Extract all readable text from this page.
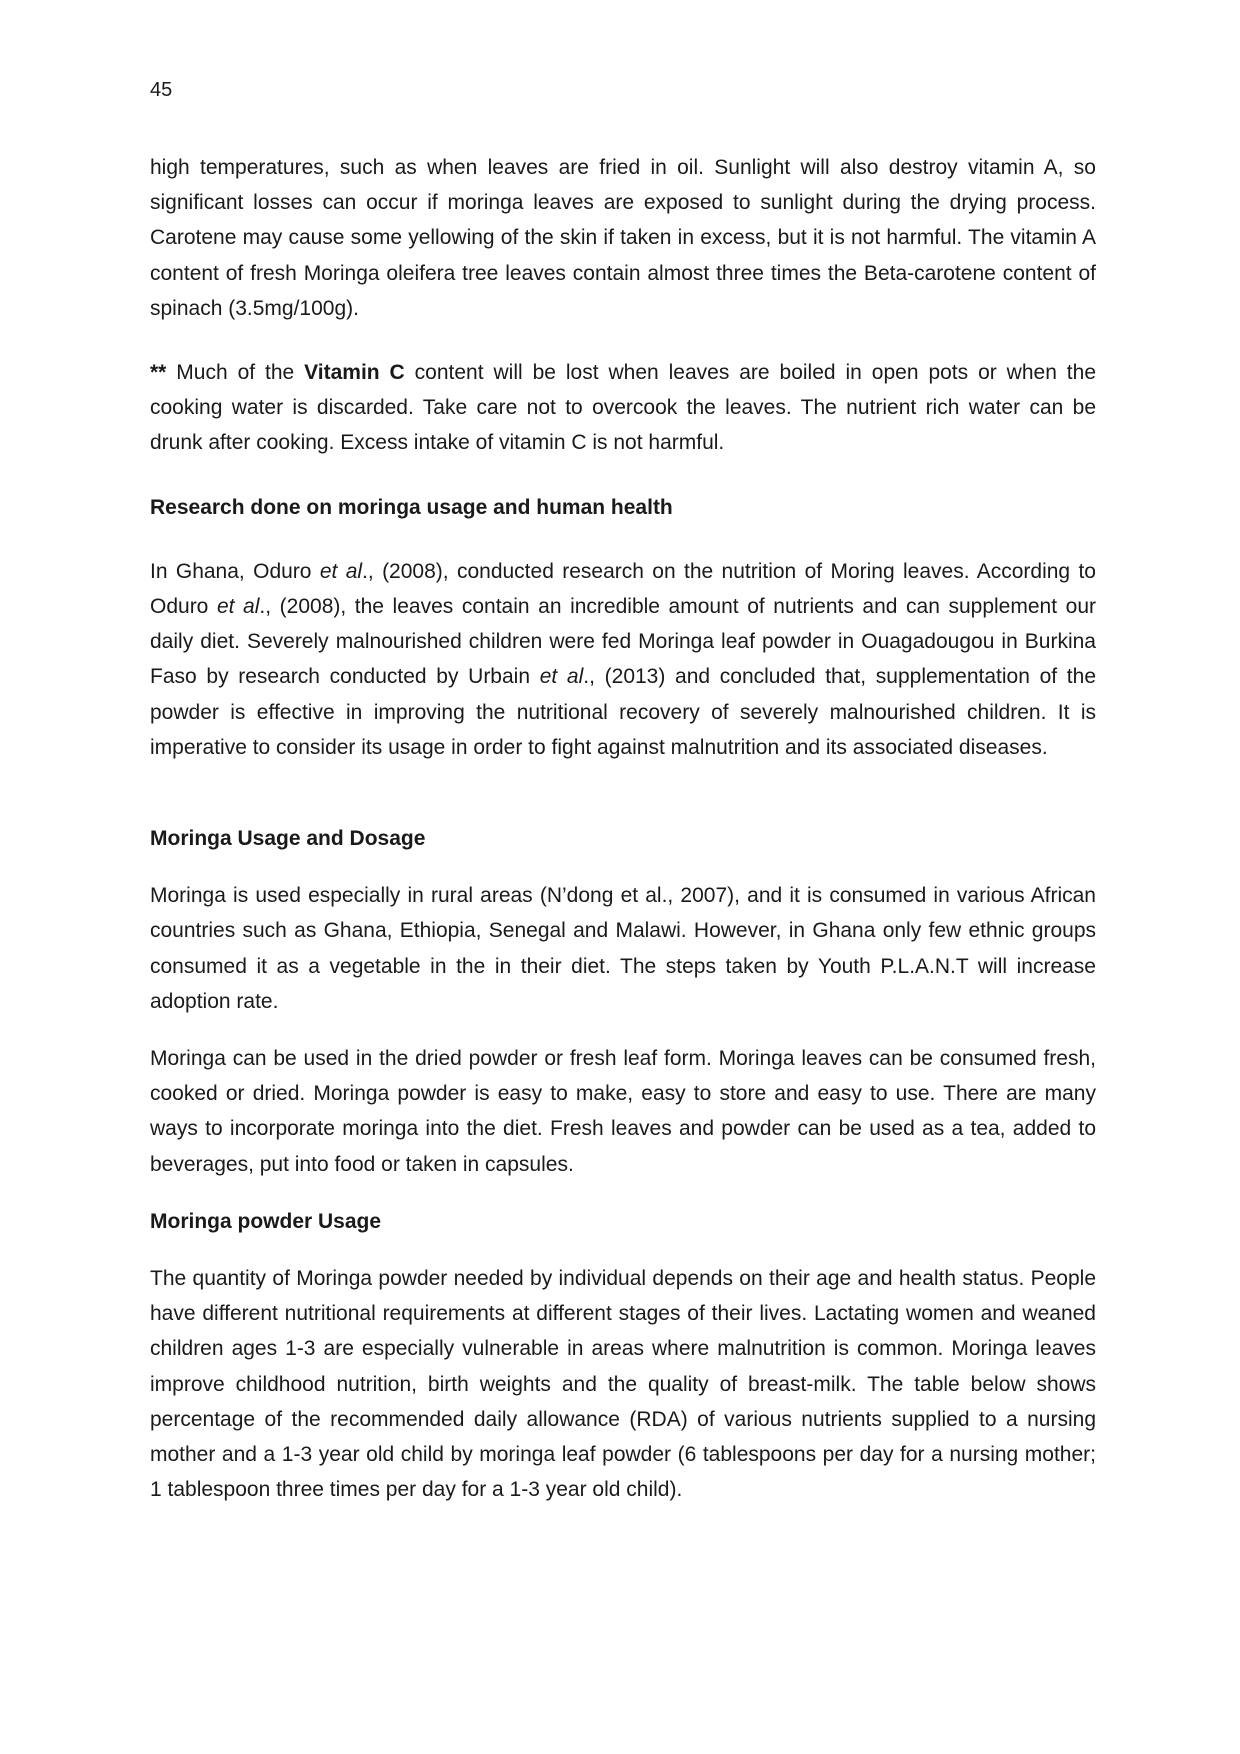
45

high temperatures, such as when leaves are fried in oil. Sunlight will also destroy vitamin A, so significant losses can occur if moringa leaves are exposed to sunlight during the drying process. Carotene may cause some yellowing of the skin if taken in excess, but it is not harmful. The vitamin A content of fresh Moringa oleifera tree leaves contain almost three times the Beta-carotene content of spinach (3.5mg/100g).

** Much of the Vitamin C content will be lost when leaves are boiled in open pots or when the cooking water is discarded. Take care not to overcook the leaves. The nutrient rich water can be drunk after cooking. Excess intake of vitamin C is not harmful.

Research done on moringa usage and human health

In Ghana, Oduro et al., (2008), conducted research on the nutrition of Moring leaves. According to Oduro et al., (2008), the leaves contain an incredible amount of nutrients and can supplement our daily diet. Severely malnourished children were fed Moringa leaf powder in Ouagadougou in Burkina Faso by research conducted by Urbain et al., (2013) and concluded that, supplementation of the powder is effective in improving the nutritional recovery of severely malnourished children. It is imperative to consider its usage in order to fight against malnutrition and its associated diseases.

Moringa Usage and Dosage

Moringa is used especially in rural areas (N’dong et al., 2007), and it is consumed in various African countries such as Ghana, Ethiopia, Senegal and Malawi. However, in Ghana only few ethnic groups consumed it as a vegetable in the in their diet. The steps taken by Youth P.L.A.N.T will increase adoption rate.

Moringa can be used in the dried powder or fresh leaf form. Moringa leaves can be consumed fresh, cooked or dried. Moringa powder is easy to make, easy to store and easy to use. There are many ways to incorporate moringa into the diet. Fresh leaves and powder can be used as a tea, added to beverages, put into food or taken in capsules.

Moringa powder Usage

The quantity of Moringa powder needed by individual depends on their age and health status. People have different nutritional requirements at different stages of their lives. Lactating women and weaned children ages 1-3 are especially vulnerable in areas where malnutrition is common. Moringa leaves improve childhood nutrition, birth weights and the quality of breast-milk. The table below shows percentage of the recommended daily allowance (RDA) of various nutrients supplied to a nursing mother and a 1-3 year old child by moringa leaf powder (6 tablespoons per day for a nursing mother; 1 tablespoon three times per day for a 1-3 year old child).
